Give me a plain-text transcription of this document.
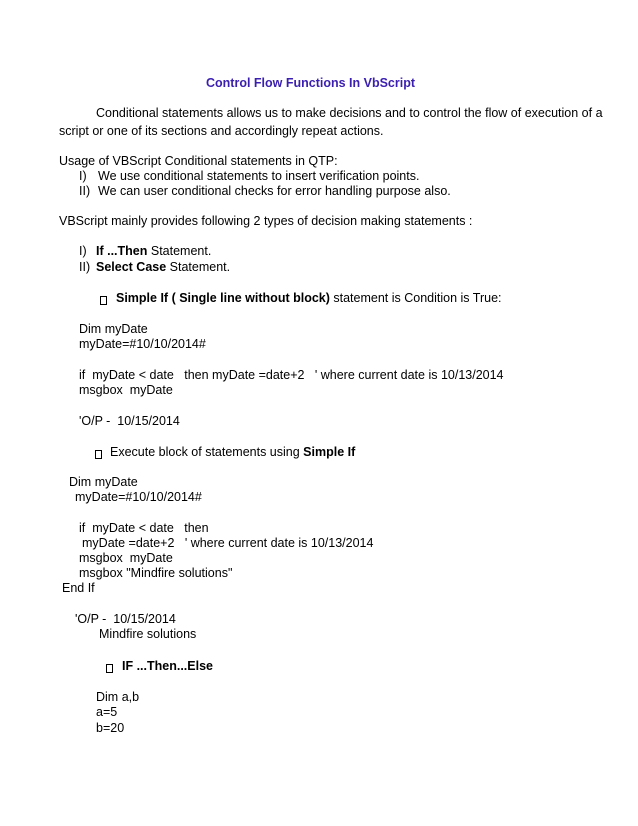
Control Flow Functions In VbScript
Conditional statements allows us to make decisions and to control the flow of execution of a
script or one of its sections and accordingly repeat actions.
Usage of VBScript Conditional statements in QTP:
I) We use conditional statements to insert verification points.
II) We can user conditional checks for error handling purpose also.
VBScript mainly provides following 2 types of decision making statements :
I) If ...Then Statement.
II) Select Case Statement.
Simple If ( Single line without block) statement is Condition is True:
Dim myDate
myDate=#10/10/2014#
if  myDate < date   then myDate =date+2   ' where current date is 10/13/2014
msgbox  myDate
'O/P -  10/15/2014
Execute block of statements using Simple If
Dim myDate
myDate=#10/10/2014#
if  myDate < date   then
myDate =date+2   ' where current date is 10/13/2014
msgbox  myDate
msgbox "Mindfire solutions"
End If
'O/P -  10/15/2014
Mindfire solutions
IF ...Then...Else
Dim a,b
a=5
b=20
